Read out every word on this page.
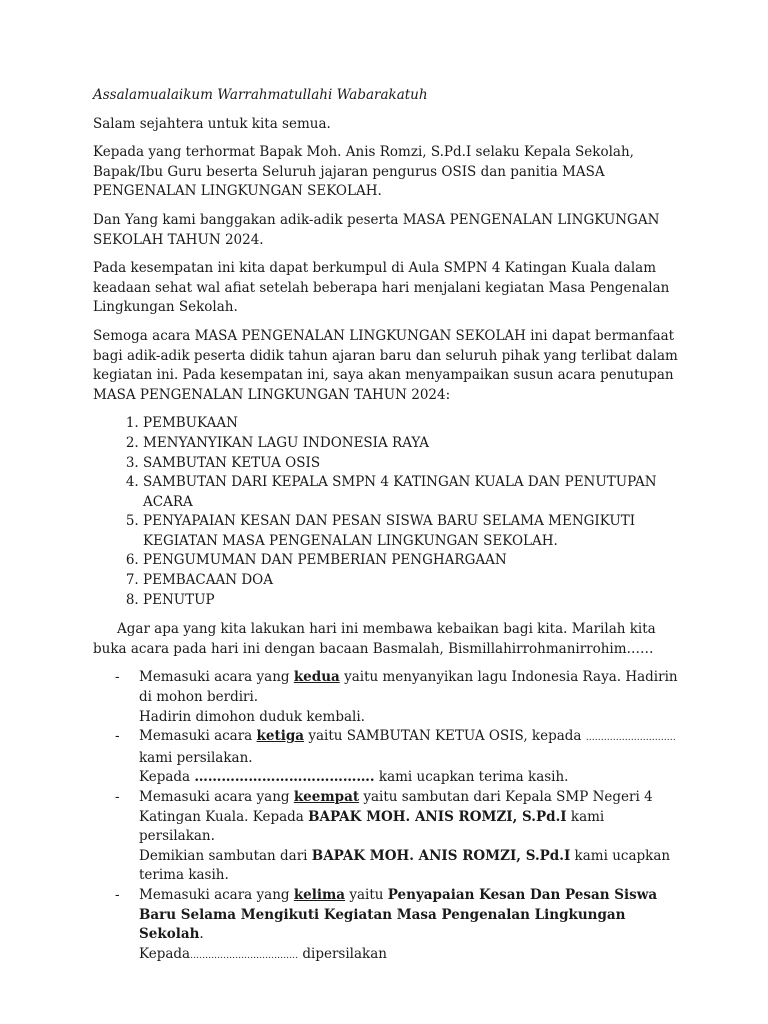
Assalamualaikum Warrahmatullahi Wabarakatuh

Salam sejahtera untuk kita semua.

Kepada yang terhormat Bapak Moh. Anis Romzi, S.Pd.I selaku Kepala Sekolah, Bapak/Ibu Guru beserta Seluruh jajaran pengurus OSIS dan panitia MASA PENGENALAN LINGKUNGAN SEKOLAH.

Dan Yang kami banggakan adik-adik peserta MASA PENGENALAN LINGKUNGAN SEKOLAH TAHUN 2024.

Pada kesempatan ini kita dapat berkumpul di Aula SMPN 4 Katingan Kuala dalam keadaan sehat wal afiat setelah beberapa hari menjalani kegiatan Masa Pengenalan Lingkungan Sekolah.

Semoga acara MASA PENGENALAN LINGKUNGAN SEKOLAH ini dapat bermanfaat bagi adik-adik peserta didik tahun ajaran baru dan seluruh pihak yang terlibat dalam kegiatan ini. Pada kesempatan ini, saya akan menyampaikan susun acara penutupan MASA PENGENALAN LINGKUNGAN TAHUN 2024:

1. PEMBUKAAN
2. MENYANYIKAN LAGU INDONESIA RAYA
3. SAMBUTAN KETUA OSIS
4. SAMBUTAN DARI KEPALA SMPN 4 KATINGAN KUALA DAN PENUTUPAN ACARA
5. PENYAPAIAN KESAN DAN PESAN SISWA BARU SELAMA MENGIKUTI KEGIATAN MASA PENGENALAN LINGKUNGAN SEKOLAH.
6. PENGUMUMAN DAN PEMBERIAN PENGHARGAAN
7. PEMBACAAN DOA
8. PENUTUP

Agar apa yang kita lakukan hari ini membawa kebaikan bagi kita. Marilah kita buka acara pada hari ini dengan bacaan Basmalah, Bismillahirrohmanirrohim……

- Memasuki acara yang kedua yaitu menyanyikan lagu Indonesia Raya. Hadirin di mohon berdiri.
Hadirin dimohon duduk kembali.
- Memasuki acara ketiga yaitu SAMBUTAN KETUA OSIS, kepada ………………………… kami persilakan.
Kepada …………………………………. kami ucapkan terima kasih.
- Memasuki acara yang keempat yaitu sambutan dari Kepala SMP Negeri 4 Katingan Kuala. Kepada BAPAK MOH. ANIS ROMZI, S.Pd.I kami persilakan.
Demikian sambutan dari BAPAK MOH. ANIS ROMZI, S.Pd.I kami ucapkan terima kasih.
- Memasuki acara yang kelima yaitu Penyapaian Kesan Dan Pesan Siswa Baru Selama Mengikuti Kegiatan Masa Pengenalan Lingkungan Sekolah.
Kepada……………………………… dipersilakan
